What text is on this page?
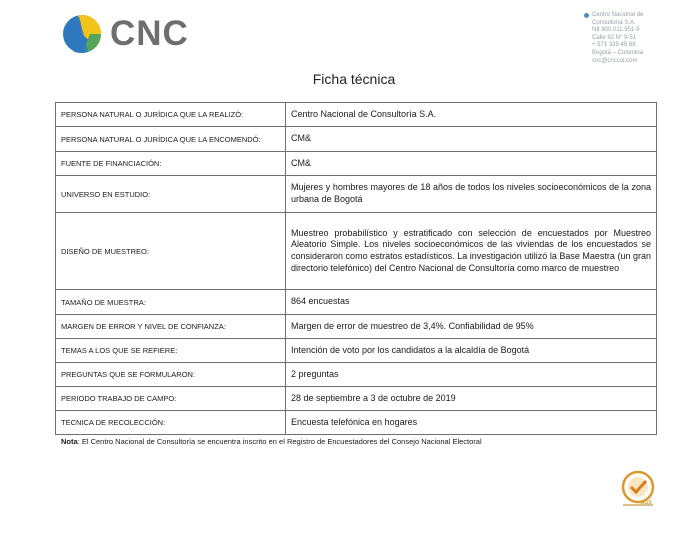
CNC	Centro Nacional de
Consultoría S.A.
NIt 800.011.951-9
Calle 82 N° 9-51
+ 571 339 45 88
Bogotá – Colombia
cnc@cnccol.com
Ficha técnica
PERSONA NATURAL O JURÍDICA QUE LA REALIZÓ:	Centro Nacional de Consultoría S.A.
PERSONA NATURAL O JURÍDICA QUE LA ENCOMENDÓ:	CM&
FUENTE DE FINANCIACIÓN:	CM&
UNIVERSO EN ESTUDIO:	Mujeres y hombres mayores de 18 años de todos los niveles socioeconómicos de la zona urbana de Bogotá
DISEÑO DE MUESTREO:	Muestreo probabilístico y estratificado con selección de encuestados por Muestreo Aleatorio Simple. Los niveles socioeconómicos de las viviendas de los encuestados se consideraron como estratos estadísticos. La investigación utilizó la Base Maestra (un gran directorio telefónico) del Centro Nacional de Consultoría como marco de muestreo
TAMAÑO DE MUESTRA:	864 encuestas
MARGEN DE ERROR Y NIVEL DE CONFIANZA:	Margen de error de muestreo de 3,4%. Confiabilidad de 95%
TEMAS A LOS QUE SE REFIERE:	Intención de voto por los candidatos a la alcaldía de Bogotá
PREGUNTAS QUE SE FORMULARON:	2 preguntas
PERIODO TRABAJO DE CAMPO:	28 de septiembre a 3 de octubre de 2019
TECNICA DE RECOLECCIÓN:	Encuesta telefónica en hogares
Nota: El Centro Nacional de Consultoría se encuentra inscrito en el Registro de Encuestadores del Consejo Nacional Electoral
SGS
